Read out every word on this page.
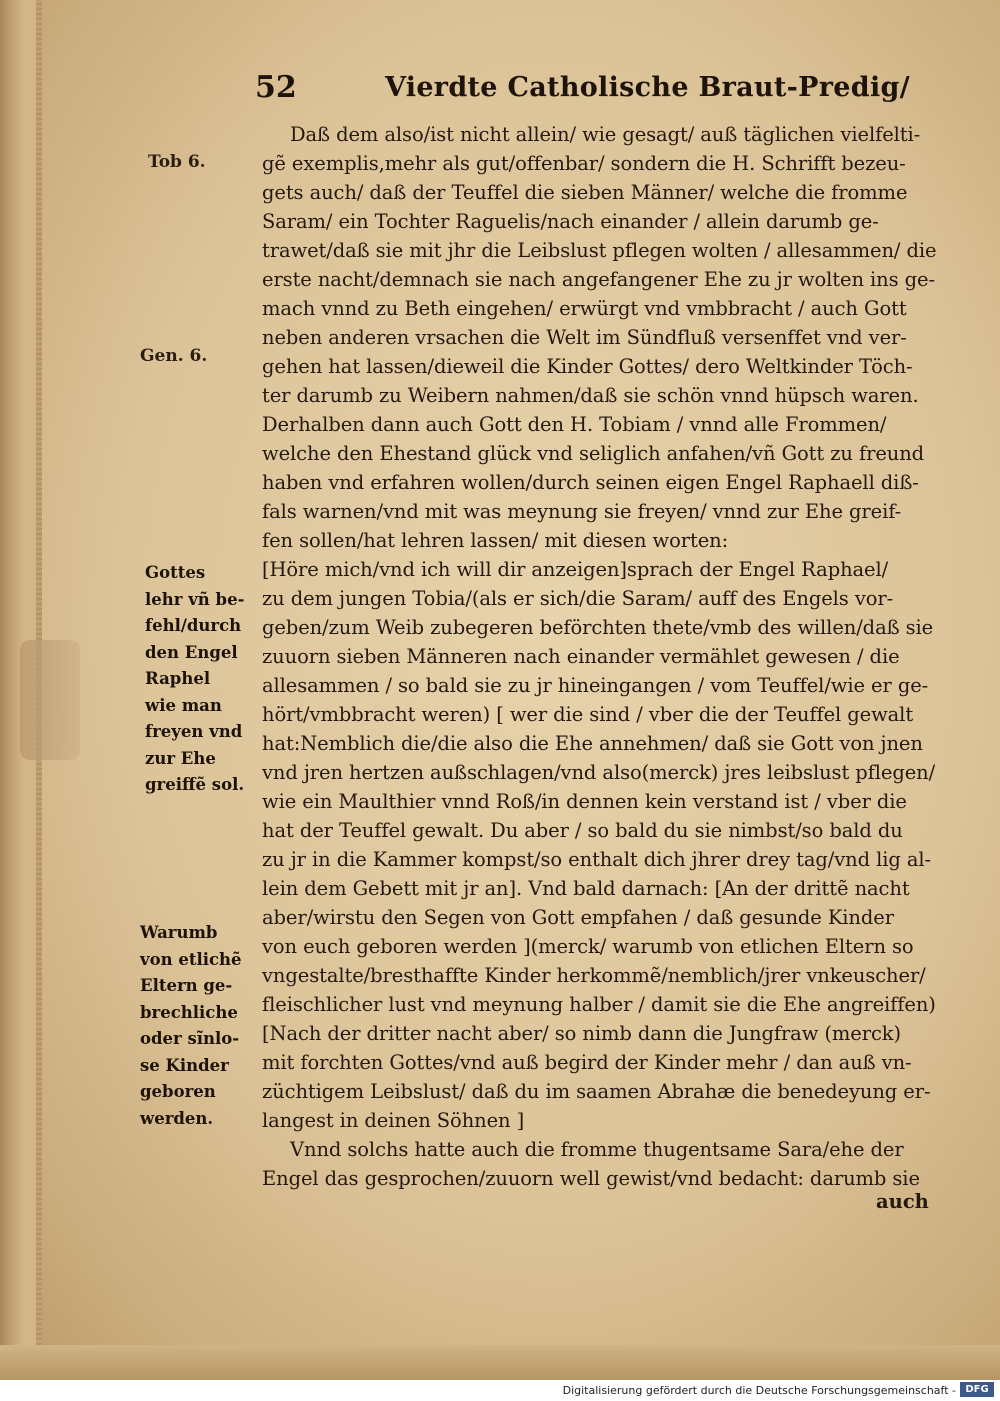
52	Vierdte Catholische Braut-Predig/
Tob 6.
Gen. 6.
Gottes
lehr vñ be-
fehl/durch
den Engel
Raphel
wie man
freyen vnd
zur Ehe
greiffẽ sol.
Warumb
von etlichẽ
Eltern ge-
brechliche
oder sĩnlo-
se Kinder
geboren
werden.
Daß dem also/ist nicht allein/ wie gesagt/ auß täglichen vielfelti-
gẽ exemplis,mehr als gut/offenbar/ sondern die H. Schrifft bezeu-
gets auch/ daß der Teuffel die sieben Männer/ welche die fromme
Saram/ ein Tochter Raguelis/nach einander / allein darumb ge-
trawet/daß sie mit jhr die Leibslust pflegen wolten / allesammen/ die
erste nacht/demnach sie nach angefangener Ehe zu jr wolten ins ge-
mach vnnd zu Beth eingehen/ erwürgt vnd vmbbracht / auch Gott
neben anderen vrsachen die Welt im Sündfluß versenffet vnd ver-
gehen hat lassen/dieweil die Kinder Gottes/ dero Weltkinder Töch-
ter darumb zu Weibern nahmen/daß sie schön vnnd hüpsch waren.
Derhalben dann auch Gott den H. Tobiam / vnnd alle Frommen/
welche den Ehestand glück vnd seliglich anfahen/vñ Gott zu freund
haben vnd erfahren wollen/durch seinen eigen Engel Raphaell diß-
fals warnen/vnd mit was meynung sie freyen/ vnnd zur Ehe greif-
fen sollen/hat lehren lassen/ mit diesen worten:
[Höre mich/vnd ich will dir anzeigen]sprach der Engel Raphael/
zu dem jungen Tobia/(als er sich/die Saram/ auff des Engels vor-
geben/zum Weib zubegeren beförchten thete/vmb des willen/daß sie
zuuorn sieben Männeren nach einander vermählet gewesen / die
allesammen / so bald sie zu jr hineingangen / vom Teuffel/wie er ge-
hört/vmbbracht weren) [ wer die sind / vber die der Teuffel gewalt
hat:Nemblich die/die also die Ehe annehmen/ daß sie Gott von jnen
vnd jren hertzen außschlagen/vnd also(merck) jres leibslust pflegen/
wie ein Maulthier vnnd Roß/in dennen kein verstand ist / vber die
hat der Teuffel gewalt. Du aber / so bald du sie nimbst/so bald du
zu jr in die Kammer kompst/so enthalt dich jhrer drey tag/vnd lig al-
lein dem Gebett mit jr an]. Vnd bald darnach: [An der drittẽ nacht
aber/wirstu den Segen von Gott empfahen / daß gesunde Kinder
von euch geboren werden ](merck/ warumb von etlichen Eltern so
vngestalte/bresthaffte Kinder herkommẽ/nemblich/jrer vnkeuscher/
fleischlicher lust vnd meynung halber / damit sie die Ehe angreiffen)
[Nach der dritter nacht aber/ so nimb dann die Jungfraw (merck)
mit forchten Gottes/vnd auß begird der Kinder mehr / dan auß vn-
züchtigem Leibslust/ daß du im saamen Abrahæ die benedeyung er-
langest in deinen Söhnen ]
Vnnd solchs hatte auch die fromme thugentsame Sara/ehe der
Engel das gesprochen/zuuorn well gewist/vnd bedacht: darumb sie
auch
Digitalisierung gefördert durch die Deutsche Forschungsgemeinschaft - DFG
